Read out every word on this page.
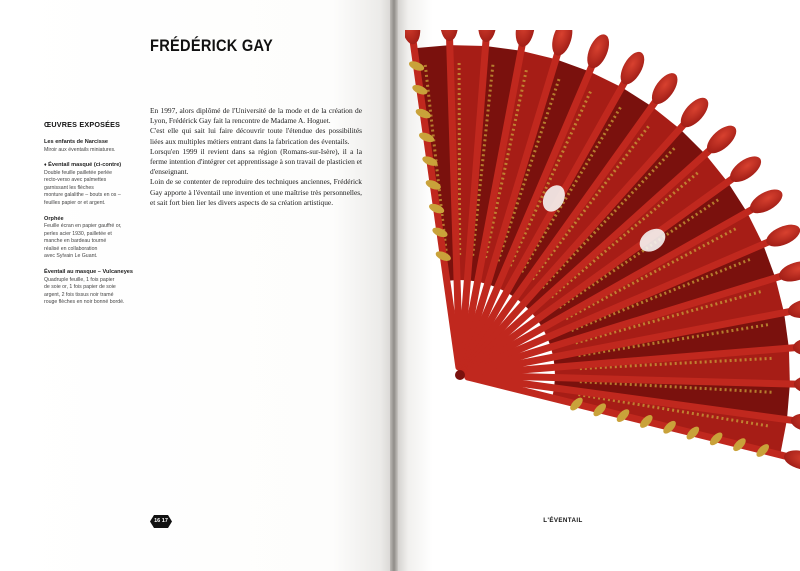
FRÉDÉRICK GAY
ŒUVRES EXPOSÉES
Les enfants de Narcisse
Miroir aux éventails miniatures.
♦ Éventail masqué (ci-contre)
Double feuille pailletée perlée
recto-verso avec palmettes
garnissant les flèches
monture galalithe – bouts en os –
feuilles papier or et argent.
Orphée
Feuille écran en papier gauffré or,
perles acier 1930, pailletée et
manche en bardeau tourné
réalisé en collaboration
avec Sylvain Le Guant.
Éventail au masque – Vulcaneyes
Quadruple feuille, 1 fois papier
de soie or, 1 fois papier de soie
argent, 2 fois tissus noir tramé
rouge flèches en noir bonné bordé.

En 1997, alors diplômé de l'Université de la mode et de la création de Lyon, Frédérick Gay fait la rencontre de Madame A. Hoguet.

C'est elle qui sait lui faire découvrir toute l'étendue des possibilités liées aux multiples métiers entrant dans la fabrication des éventails.

Lorsqu'en 1999 il revient dans sa région (Romans-sur-Isère), il a la ferme intention d'intégrer cet apprentissage à son travail de plasticien et d'enseignant.

Loin de se contenter de reproduire des techniques anciennes, Frédérick Gay apporte à l'éventail une invention et une maîtrise très personnelles, et sait fort bien lier les divers aspects de sa création artistique.

16 17	L'ÉVENTAIL
